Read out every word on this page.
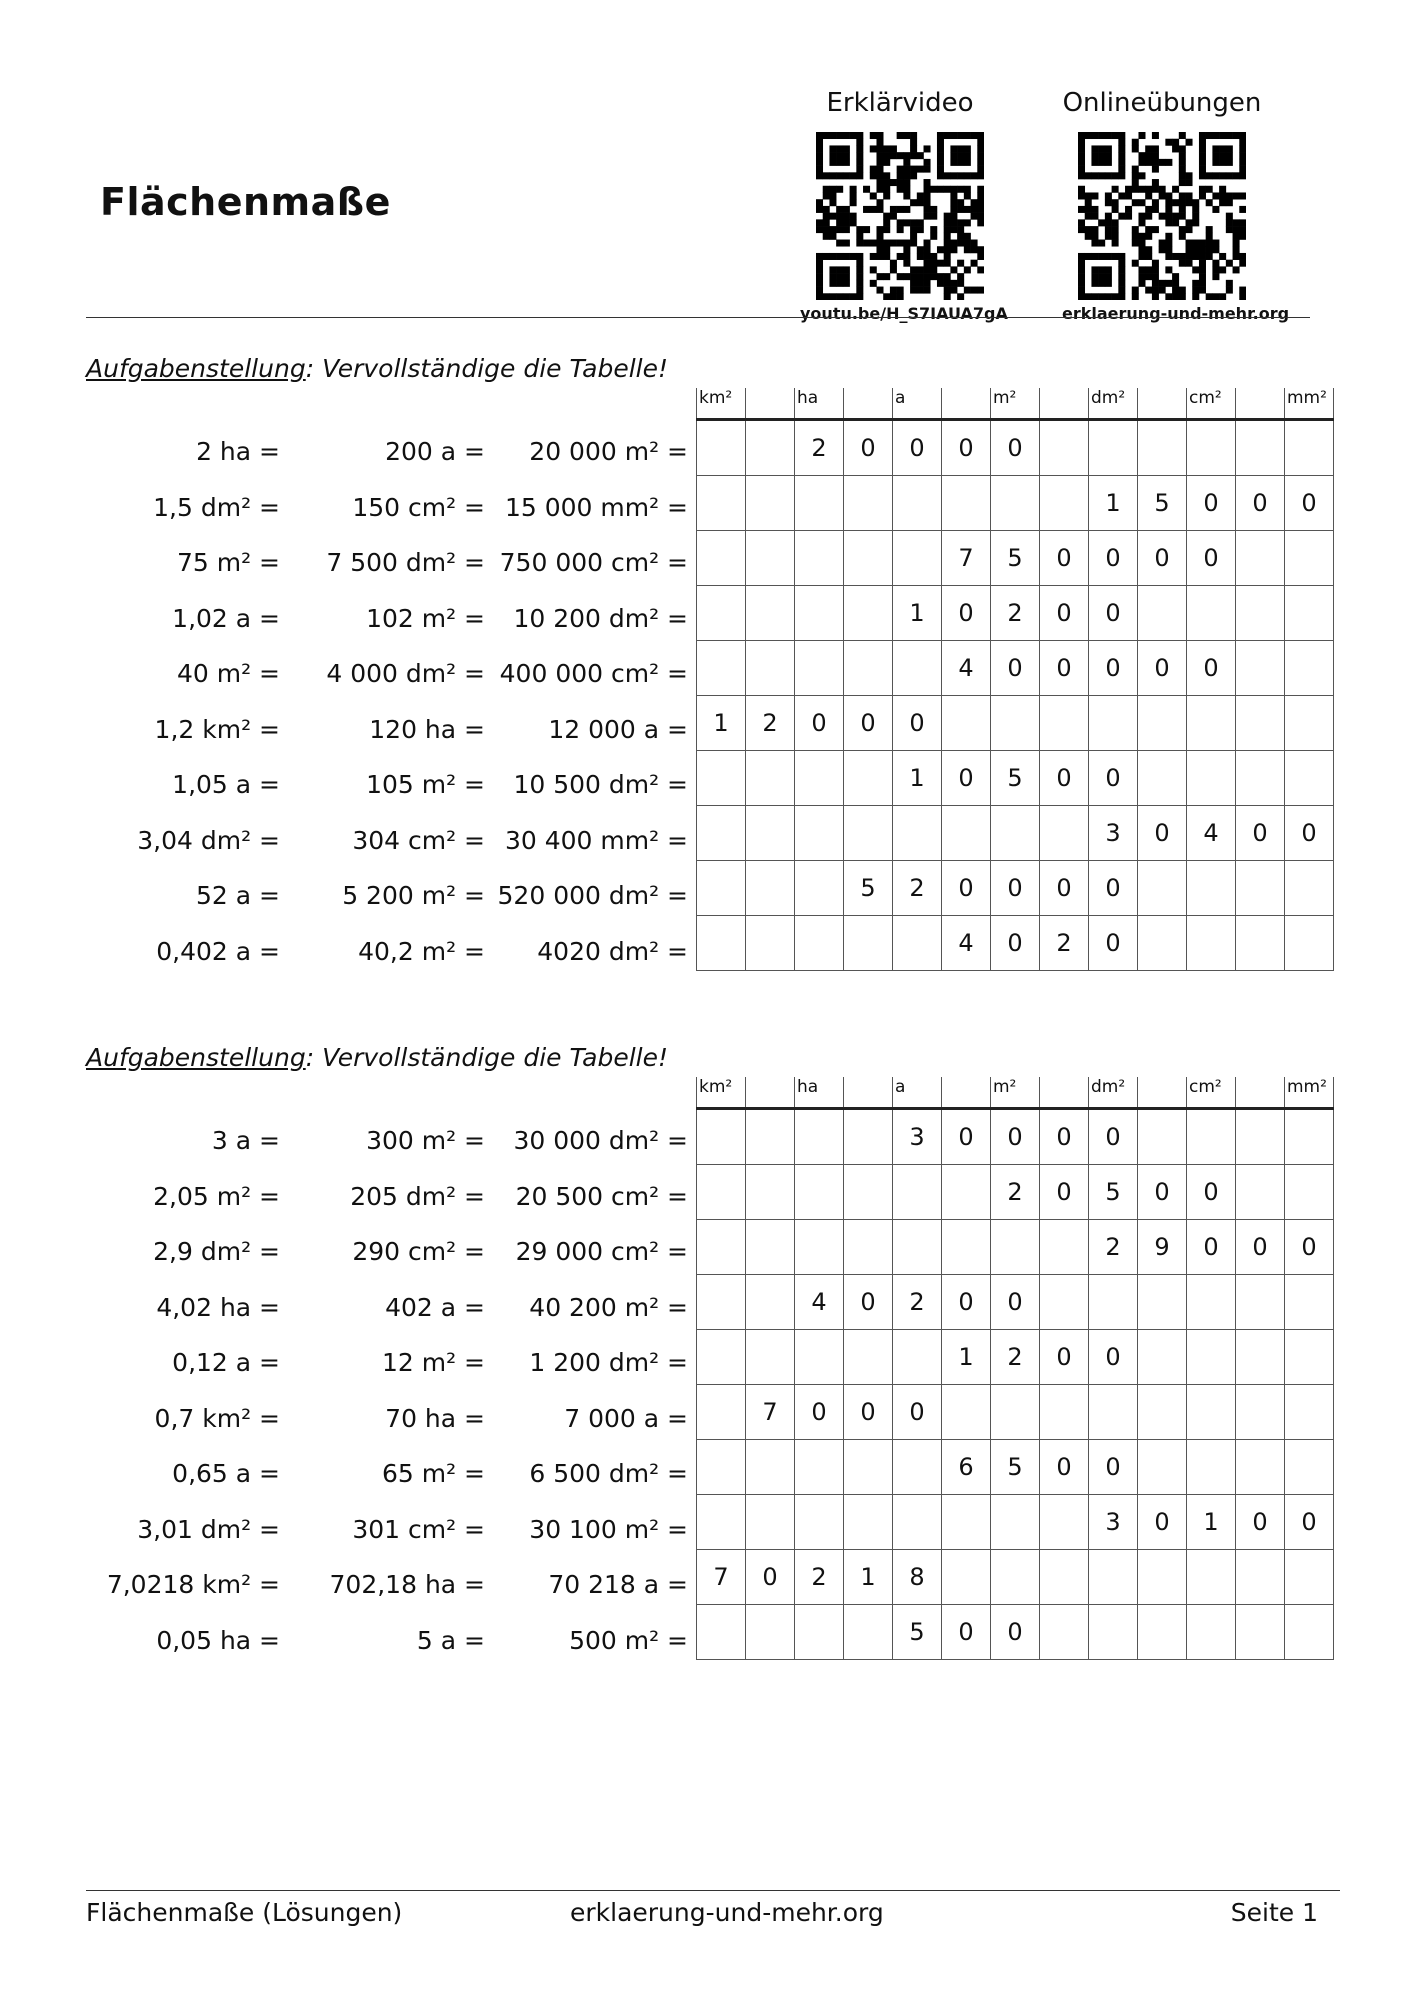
Flächenmaße
Erklärvideo
youtu.be/H_S7IAUA7gA
Onlineübungen
erklaerung-und-mehr.org
Aufgabenstellung: Vervollständige die Tabelle!
2 ha =	200 a = 20 000 m² =
1,5 dm² =	150 cm² = 15 000 mm² =
75 m² = 7 500 dm² = 750 000 cm² =
1,02 a =	102 m² = 10 200 dm² =
40 m² = 4 000 dm² = 400 000 cm² =
1,2 km² =	120 ha =	12 000 a =
1,05 a =	105 m² = 10 500 dm² =
3,04 dm² =	304 cm² = 30 400 mm² =
52 a = 5 200 m² = 520 000 dm² =
0,402 a =	40,2 m² = 4020 dm² =
km²		ha		a		m²		dm²		cm²		mm²
		2	0	0	0	0						
								1	5	0	0	0
					7	5	0	0	0	0		
				1	0	2	0	0				
					4	0	0	0	0	0		
1	2	0	0	0								
				1	0	5	0	0				
								3	0	4	0	0
			5	2	0	0	0	0				
					4	0	2	0				
Aufgabenstellung: Vervollständige die Tabelle!
3 a =	300 m² = 30 000 dm² =
2,05 m² =	205 dm² = 20 500 cm² =
2,9 dm² =	290 cm² = 29 000 cm² =
4,02 ha =	402 a = 40 200 m² =
0,12 a =	12 m² = 1 200 dm² =
0,7 km² =	70 ha =	7 000 a =
0,65 a =	65 m² = 6 500 dm² =
3,01 dm² =	301 cm² = 30 100 m² =
7,0218 km² = 702,18 ha =	70 218 a =
0,05 ha =	5 a =	500 m² =
km²		ha		a		m²		dm²		cm²		mm²
				3	0	0	0	0				
						2	0	5	0	0		
								2	9	0	0	0
		4	0	2	0	0						
					1	2	0	0				
	7	0	0	0								
					6	5	0	0				
								3	0	1	0	0
7	0	2	1	8								
				5	0	0						
Flächenmaße (Lösungen)	erklaerung-und-mehr.org	Seite 1
